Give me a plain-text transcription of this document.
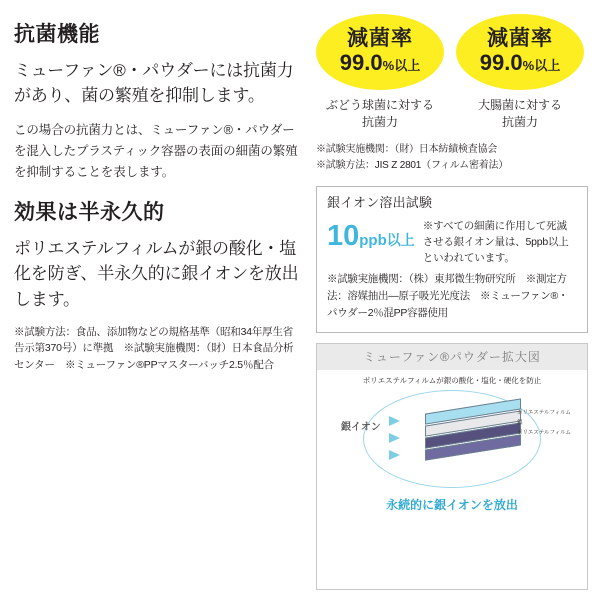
抗菌機能

ミューファン®・パウダーには抗菌力があり、菌の繁殖を抑制します。

この場合の抗菌力とは、ミューファン®・パウダーを混入したプラスティック容器の表面の細菌の繁殖を抑制することを表します。

効果は半永久的

ポリエステルフィルムが銀の酸化・塩化を防ぎ、半永久的に銀イオンを放出します。

※試験方法：食品、添加物などの規格基準（昭和34年厚生省告示第370号）に準拠　※試験実施機関：（財）日本食品分析センター　※ミューファン®PPマスターバッチ2.5％配合

減菌率
99.0%以上
ぶどう球菌に対する
抗菌力
減菌率
99.0%以上
大腸菌に対する
抗菌力
※試験実施機関：（財）日本紡績検査協会
※試験方法：JIS Z 2801（フィルム密着法）
銀イオン溶出試験
10ppb以上
※すべての細菌に作用して死滅させる銀イオン量は、5ppb以上といわれています。
※試験実施機関：（株）東邦微生物研究所　※測定方法：溶媒抽出―原子吸光光度法　※ミューファン®・パウダー2％混PP容器使用
ミューファン®パウダー拡大図
ポリエステルフィルムが銀の酸化・塩化・硬化を防止
銀イオン
ポリエステルフィルム
銀
ポリエステルフィルム
永続的に銀イオンを放出
